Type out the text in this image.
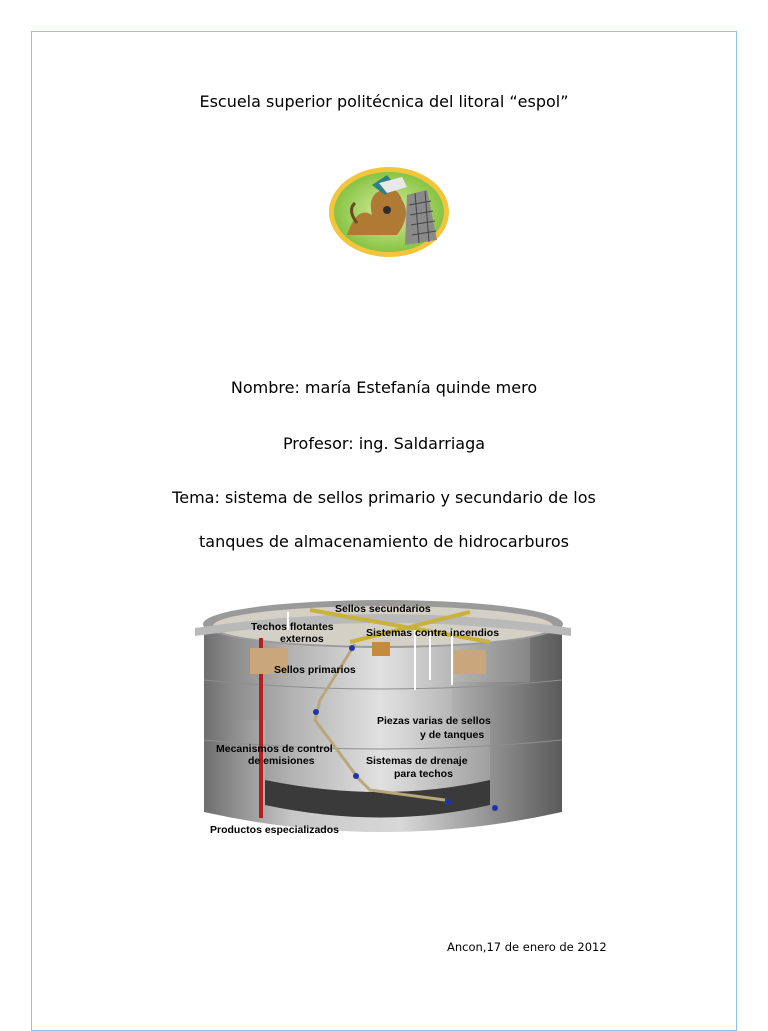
Escuela superior politécnica del litoral “espol”
Nombre: maría Estefanía quinde mero
Profesor: ing. Saldarriaga
Tema: sistema de sellos primario y secundario de los
tanques de almacenamiento de hidrocarburos
Sellos secundarios
Techos flotantes
externos	Sistemas contra incendios
Sellos primarios
Piezas varias de sellos
y de tanques
Mecanismos de control
de emisiones	Sistemas de drenaje
para techos
Productos especializados
Ancon,17 de enero de 2012
